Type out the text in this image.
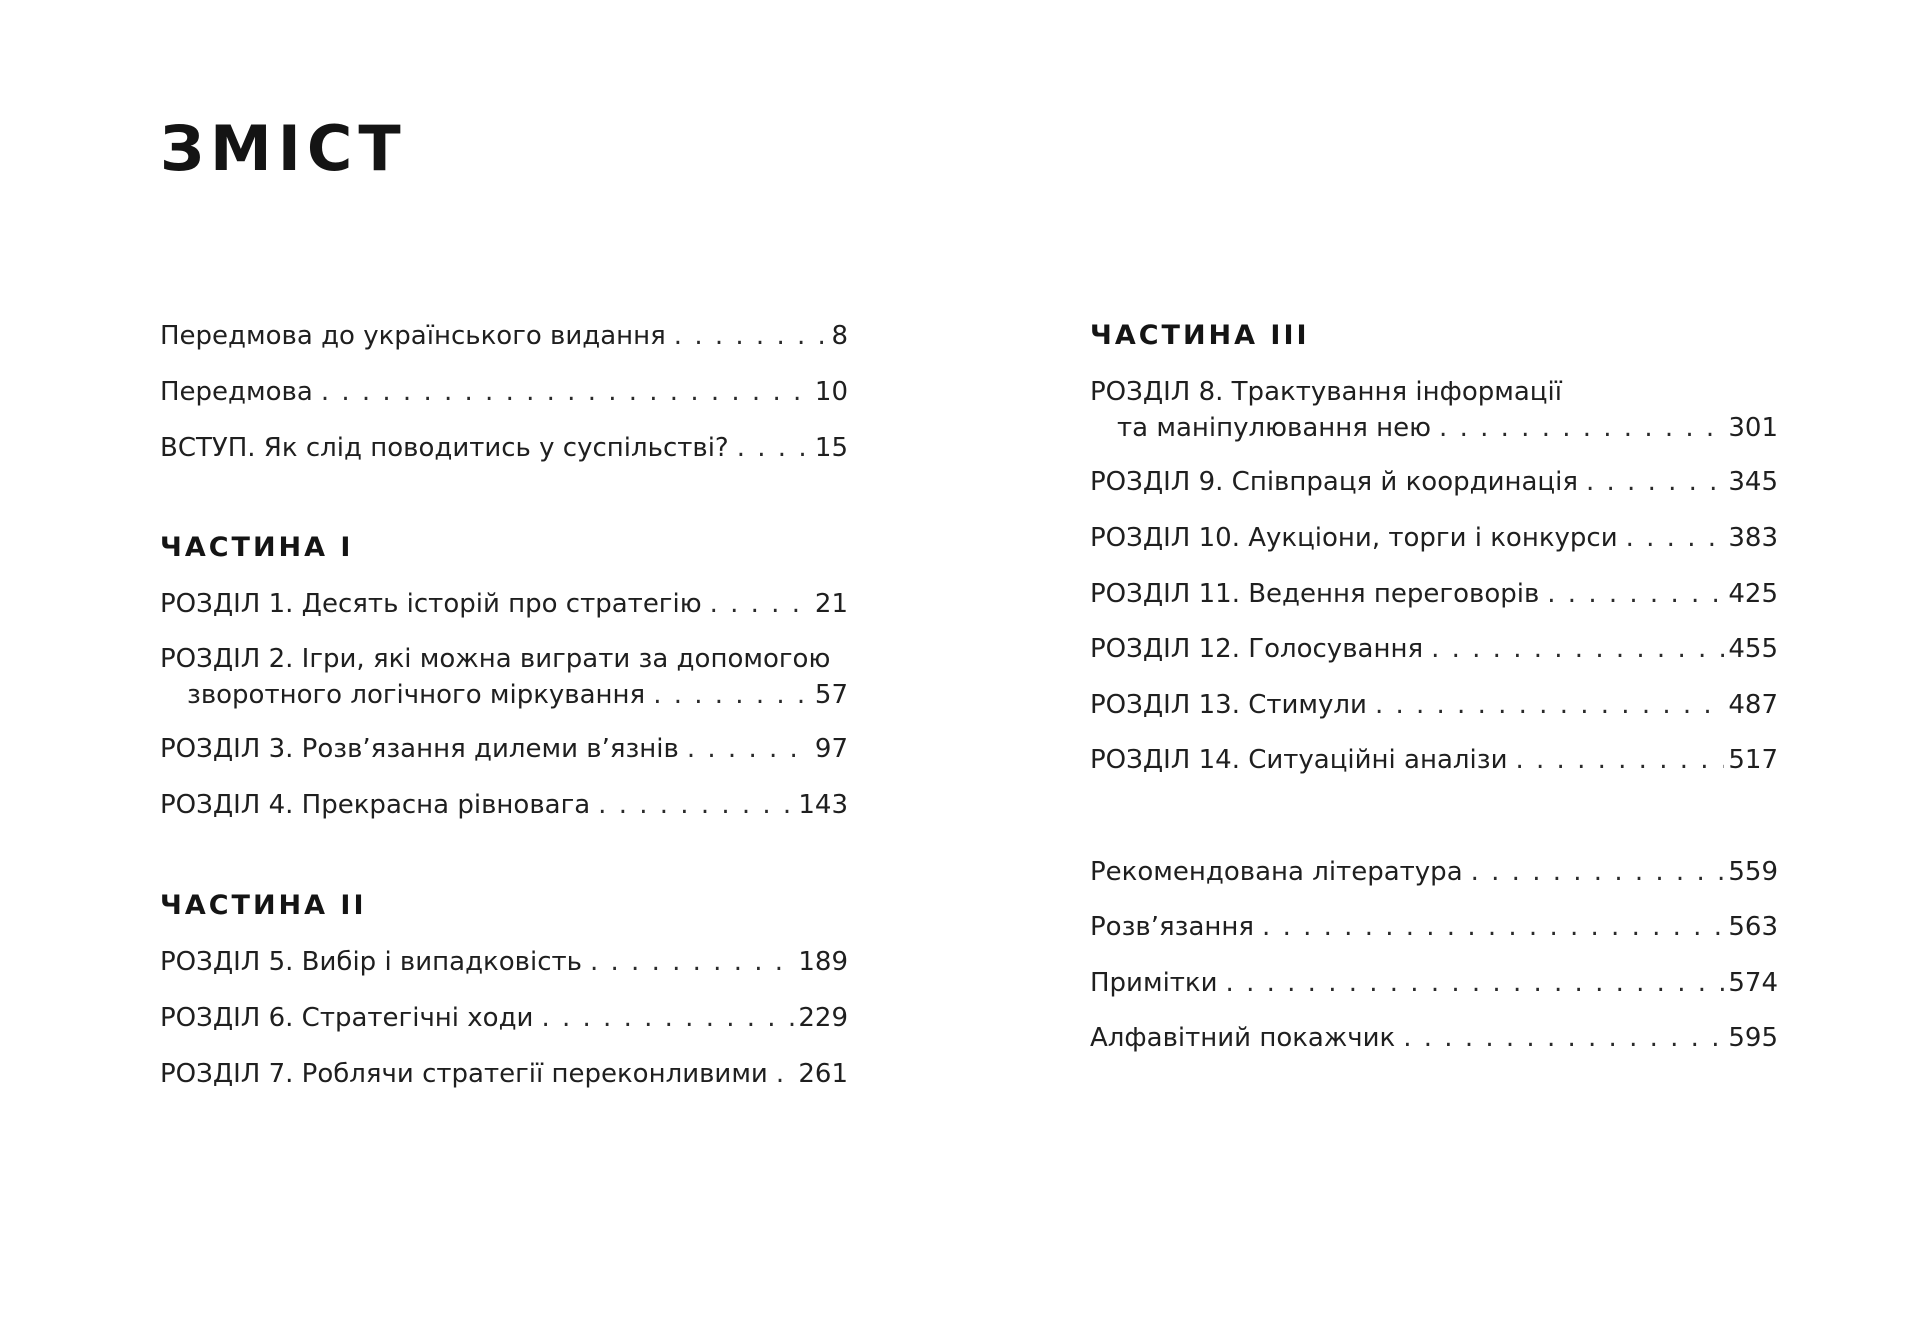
ЗМІСТ
Передмова до українського видання . . .	8
Передмова . . .	10
ВСТУП. Як слід поводитись у суспільстві? . . .	15
ЧАСТИНА I
РОЗДІЛ 1. Десять історій про стратегію . . .	21
РОЗДІЛ 2. Ігри, які можна виграти за допомогою
зворотного логічного міркування . . .	57
РОЗДІЛ 3. Розв’язання дилеми в’язнів . . .	97
РОЗДІЛ 4. Прекрасна рівновага . . .	143
ЧАСТИНА II
РОЗДІЛ 5. Вибір і випадковість . . .	189
РОЗДІЛ 6. Стратегічні ходи . . .	229
РОЗДІЛ 7. Роблячи стратегії переконливими . . . 261
ЧАСТИНА III
РОЗДІЛ 8. Трактування інформації
та маніпулювання нею . . .	301
РОЗДІЛ 9. Співпраця й координація . . .	345
РОЗДІЛ 10. Аукціони, торги і конкурси . . .	383
РОЗДІЛ 11. Ведення переговорів . . .	425
РОЗДІЛ 12. Голосування . . .	455
РОЗДІЛ 13. Стимули . . .	487
РОЗДІЛ 14. Ситуаційні аналізи . . .	517
Рекомендована література . . .	559
Розв’язання . . .	563
Примітки . . .	574
Алфавітний покажчик . . .	595
